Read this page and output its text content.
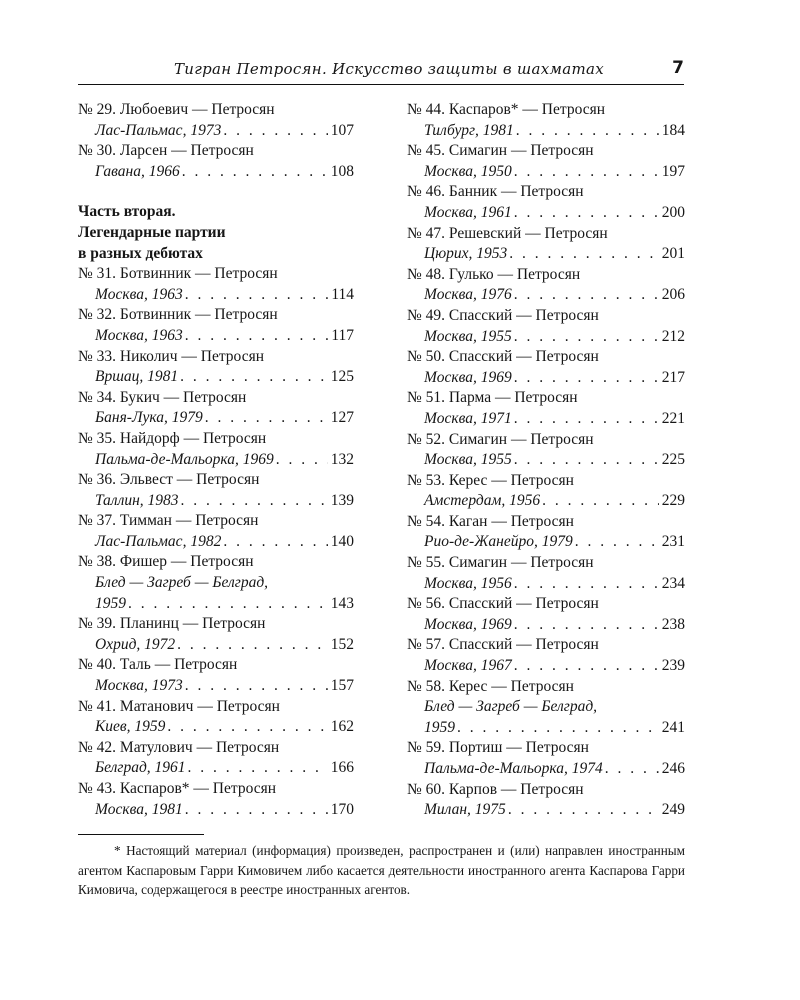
Тигран Петросян. Искусство защиты в шахматах	7
№ 29. Любоевич — Петросян
Лас-Пальмас, 1973 . . .	107
№ 30. Ларсен — Петросян
Гавана, 1966 . . .	108
Часть вторая.
Легендарные партии
в разных дебютах
№ 31. Ботвинник — Петросян
Москва, 1963 . . .	114
№ 32. Ботвинник — Петросян
Москва, 1963 . . .	117
№ 33. Николич — Петросян
Вршац, 1981 . . .	125
№ 34. Букич — Петросян
Баня-Лука, 1979 . . .	127
№ 35. Найдорф — Петросян
Пальма-де-Мальорка, 1969 . . .	132
№ 36. Эльвест — Петросян
Таллин, 1983 . . .	139
№ 37. Тимман — Петросян
Лас-Пальмас, 1982 . . .	140
№ 38. Фишер — Петросян
Блед — Загреб — Белград,
1959 . . .	143
№ 39. Планинц — Петросян
Охрид, 1972 . . .	152
№ 40. Таль — Петросян
Москва, 1973 . . .	157
№ 41. Матанович — Петросян
Киев, 1959 . . .	162
№ 42. Матулович — Петросян
Белград, 1961 . . .	166
№ 43. Каспаров* — Петросян
Москва, 1981 . . .	170
№ 44. Каспаров* — Петросян
Тилбург, 1981 . . .	184
№ 45. Симагин — Петросян
Москва, 1950 . . .	197
№ 46. Банник — Петросян
Москва, 1961 . . .	200
№ 47. Решевский — Петросян
Цюрих, 1953 . . .	201
№ 48. Гулько — Петросян
Москва, 1976 . . .	206
№ 49. Спасский — Петросян
Москва, 1955 . . .	212
№ 50. Спасский — Петросян
Москва, 1969 . . .	217
№ 51. Парма — Петросян
Москва, 1971 . . .	221
№ 52. Симагин — Петросян
Москва, 1955 . . .	225
№ 53. Керес — Петросян
Амстердам, 1956 . . .	229
№ 54. Каган — Петросян
Рио-де-Жанейро, 1979 . . .	231
№ 55. Симагин — Петросян
Москва, 1956 . . .	234
№ 56. Спасский — Петросян
Москва, 1969 . . .	238
№ 57. Спасский — Петросян
Москва, 1967 . . .	239
№ 58. Керес — Петросян
Блед — Загреб — Белград,
1959 . . .	241
№ 59. Портиш — Петросян
Пальма-де-Мальорка, 1974 . . .	246
№ 60. Карпов — Петросян
Милан, 1975 . . .	249
* Настоящий материал (информация) произведен, распространен и (или) направлен иностранным агентом Каспаровым Гарри Кимовичем либо касается деятельности иностранного агента Каспарова Гарри Кимовича, содержащегося в реестре иностранных агентов.
